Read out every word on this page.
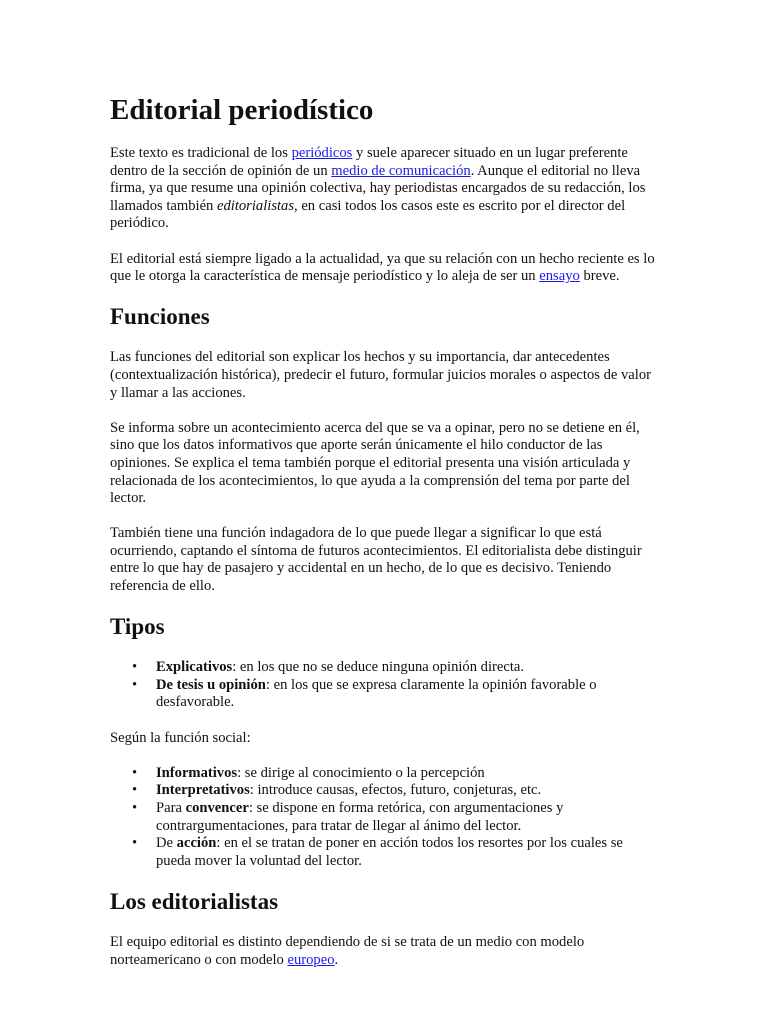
Editorial periodístico

Este texto es tradicional de los periódicos y suele aparecer situado en un lugar preferente dentro de la sección de opinión de un medio de comunicación. Aunque el editorial no lleva firma, ya que resume una opinión colectiva, hay periodistas encargados de su redacción, los llamados también editorialistas, en casi todos los casos este es escrito por el director del periódico.

El editorial está siempre ligado a la actualidad, ya que su relación con un hecho reciente es lo que le otorga la característica de mensaje periodístico y lo aleja de ser un ensayo breve.

Funciones

Las funciones del editorial son explicar los hechos y su importancia, dar antecedentes (contextualización histórica), predecir el futuro, formular juicios morales o aspectos de valor y llamar a las acciones.

Se informa sobre un acontecimiento acerca del que se va a opinar, pero no se detiene en él, sino que los datos informativos que aporte serán únicamente el hilo conductor de las opiniones. Se explica el tema también porque el editorial presenta una visión articulada y relacionada de los acontecimientos, lo que ayuda a la comprensión del tema por parte del lector.

También tiene una función indagadora de lo que puede llegar a significar lo que está ocurriendo, captando el síntoma de futuros acontecimientos. El editorialista debe distinguir entre lo que hay de pasajero y accidental en un hecho, de lo que es decisivo. Teniendo referencia de ello.

Tipos
• Explicativos: en los que no se deduce ninguna opinión directa.
• De tesis u opinión: en los que se expresa claramente la opinión favorable o desfavorable.

Según la función social:

• Informativos: se dirige al conocimiento o la percepción
• Interpretativos: introduce causas, efectos, futuro, conjeturas, etc.
• Para convencer: se dispone en forma retórica, con argumentaciones y contrargumentaciones, para tratar de llegar al ánimo del lector.
• De acción: en el se tratan de poner en acción todos los resortes por los cuales se pueda mover la voluntad del lector.
Los editorialistas

El equipo editorial es distinto dependiendo de si se trata de un medio con modelo norteamericano o con modelo europeo.
